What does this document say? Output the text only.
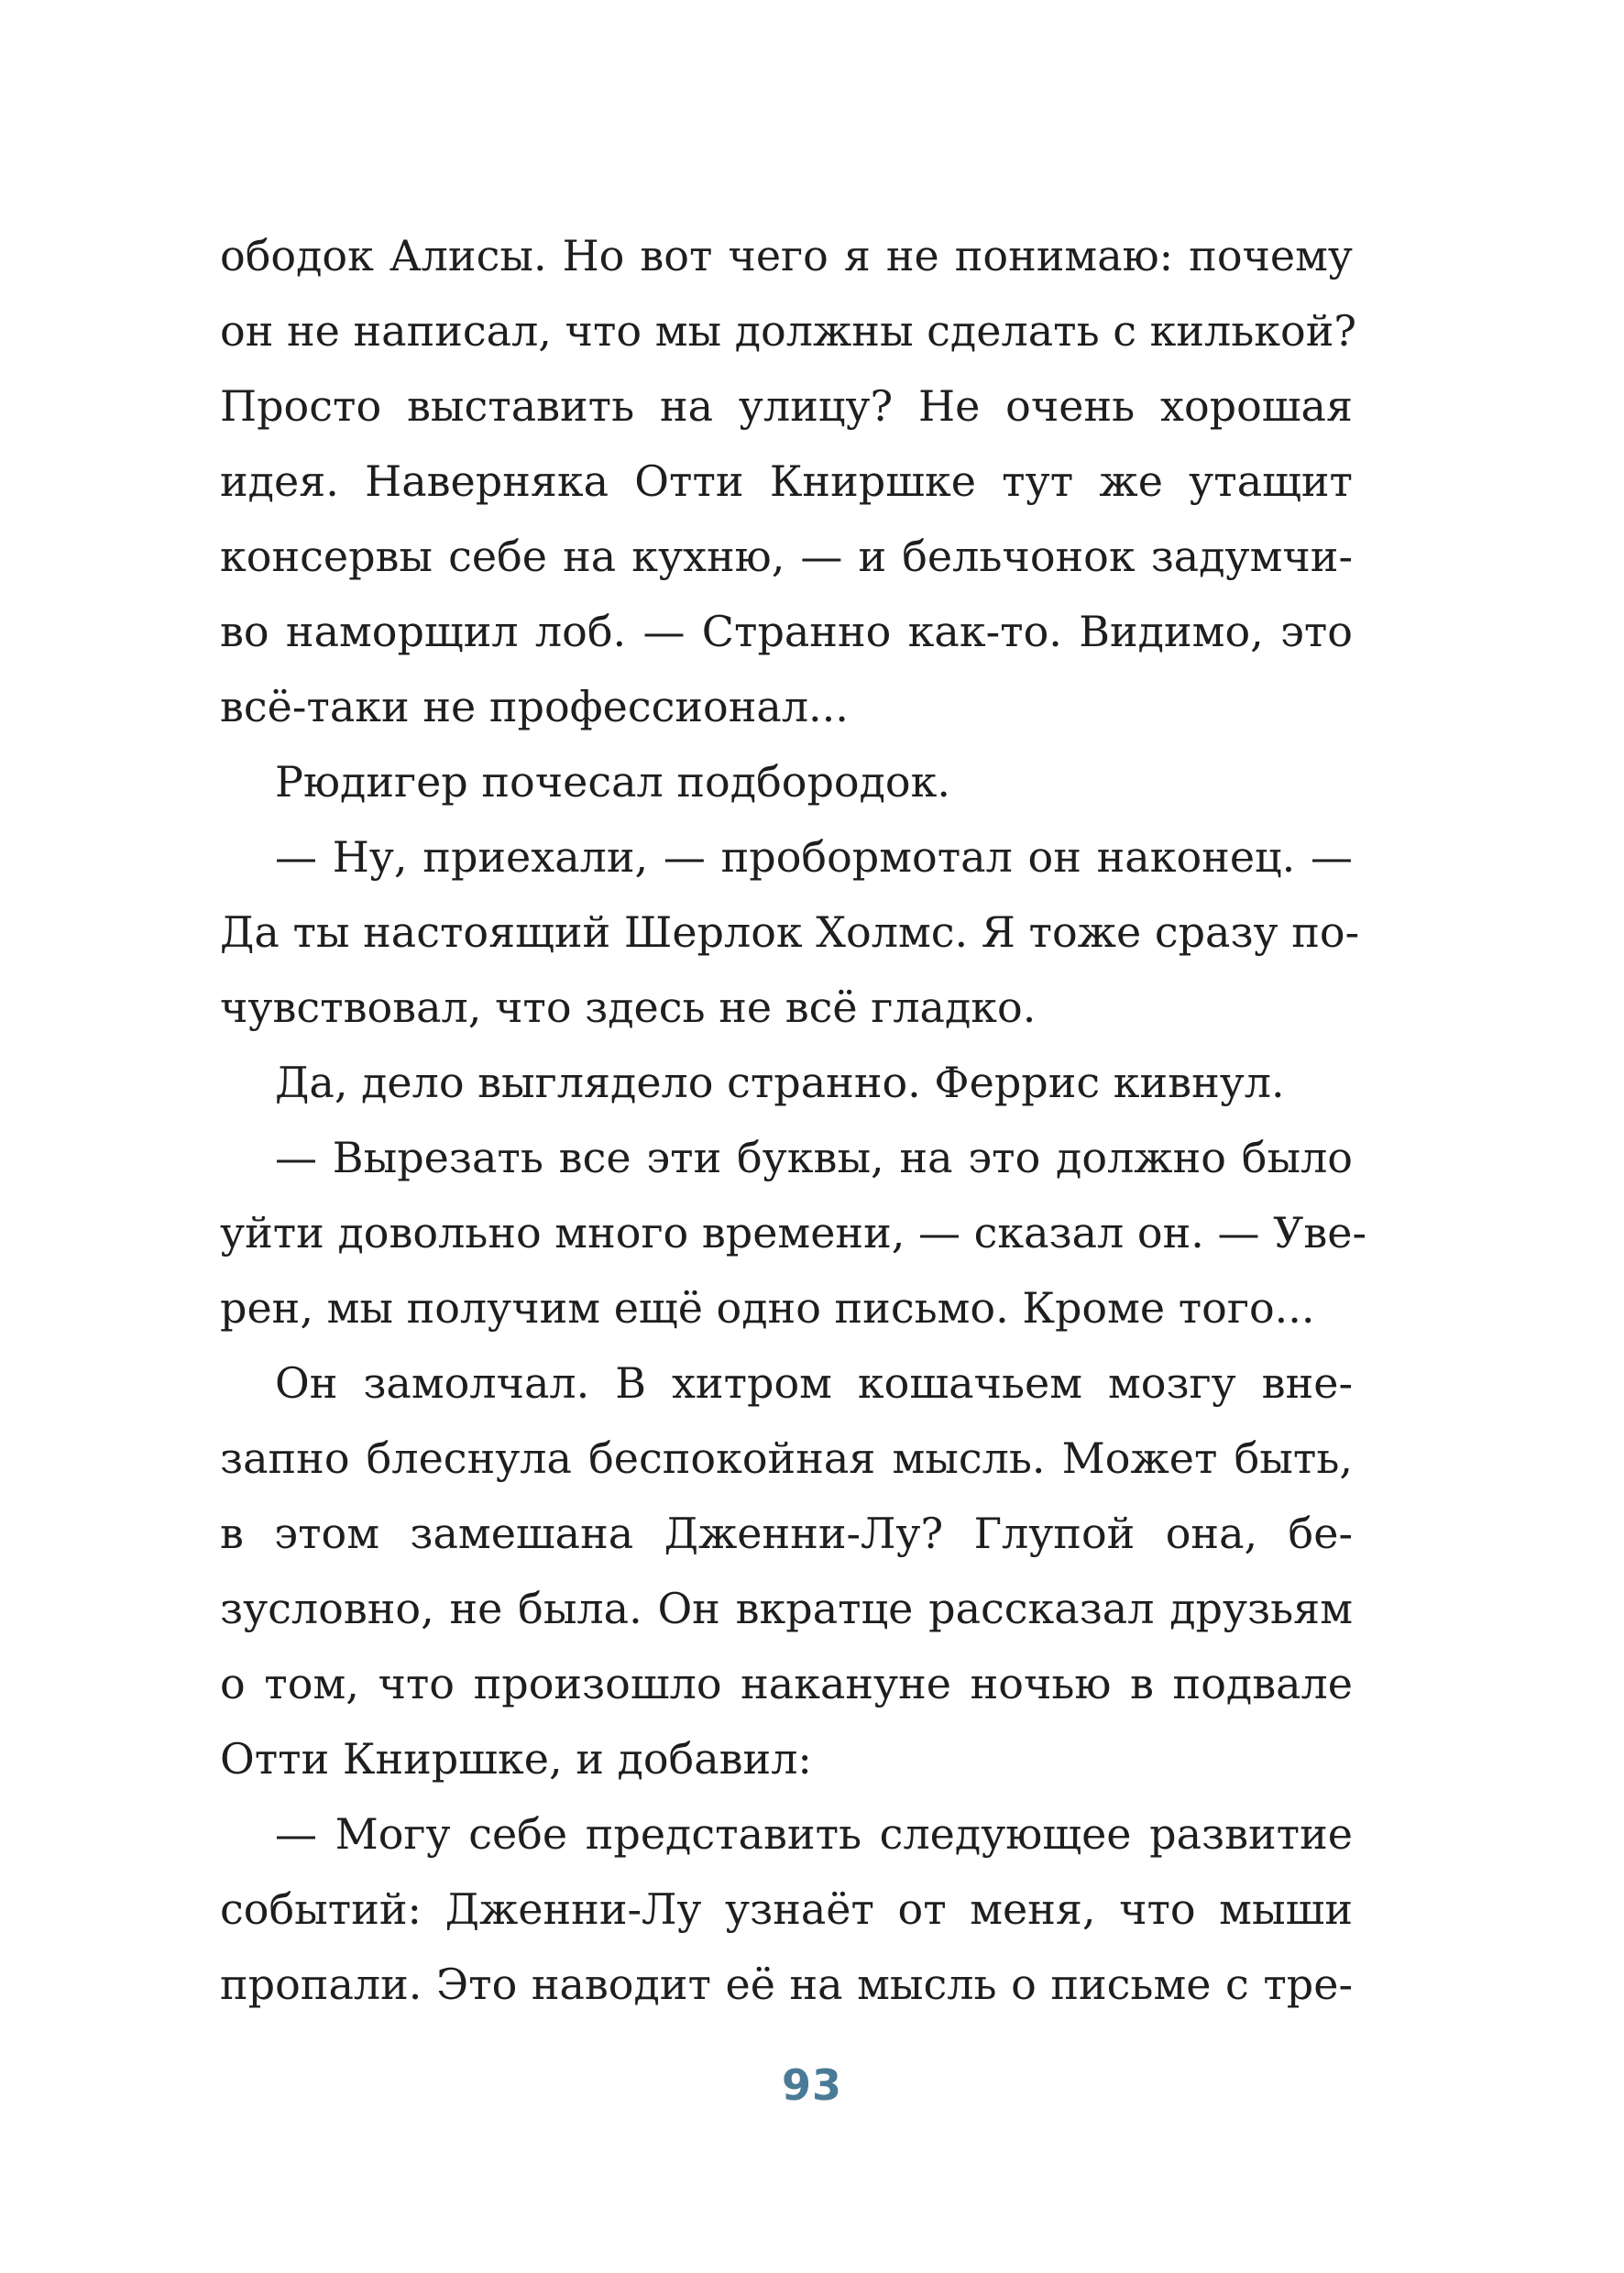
ободок Алисы. Но вот чего я не понимаю: почему
он не написал, что мы должны сделать с килькой?
Просто выставить на улицу? Не очень хорошая
идея. Наверняка Отти Книршке тут же утащит
консервы себе на кухню, — и бельчонок задумчи-
во наморщил лоб. — Странно как-то. Видимо, это
всё-таки не профессионал...
Рюдигер почесал подбородок.
— Ну, приехали, — пробормотал он наконец. —
Да ты настоящий Шерлок Холмс. Я тоже сразу по-
чувствовал, что здесь не всё гладко.
Да, дело выглядело странно. Феррис кивнул.
— Вырезать все эти буквы, на это должно было
уйти довольно много времени, — сказал он. — Уве-
рен, мы получим ещё одно письмо. Кроме того...
Он замолчал. В хитром кошачьем мозгу вне-
запно блеснула беспокойная мысль. Может быть,
в этом замешана Дженни-Лу? Глупой она, бе-
зусловно, не была. Он вкратце рассказал друзьям
о том, что произошло накануне ночью в подвале
Отти Книршке, и добавил:
— Могу себе представить следующее развитие
событий: Дженни-Лу узнаёт от меня, что мыши
пропали. Это наводит её на мысль о письме с тре-
93
